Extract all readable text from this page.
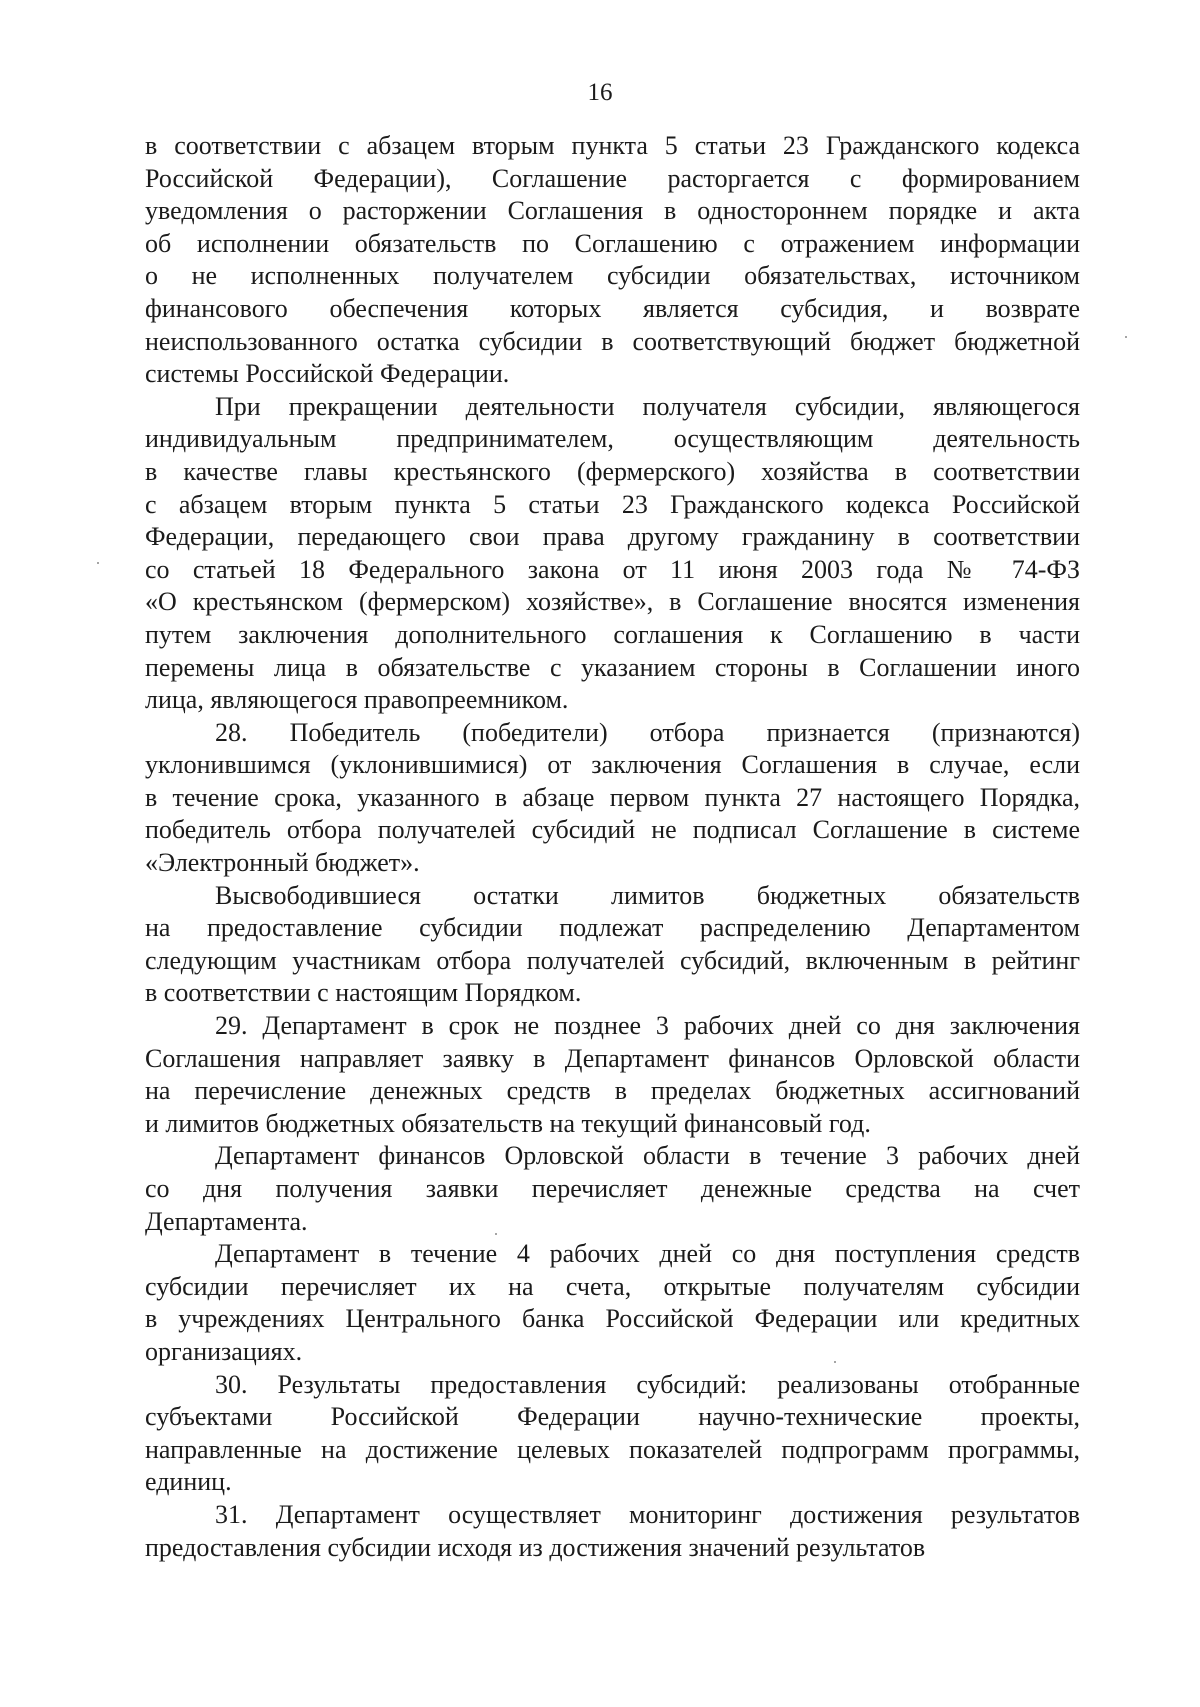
16
в соответствии с абзацем вторым пункта 5 статьи 23 Гражданского кодекса
Российской Федерации), Соглашение расторгается с формированием
уведомления о расторжении Соглашения в одностороннем порядке и акта
об исполнении обязательств по Соглашению с отражением информации
о не исполненных получателем субсидии обязательствах, источником
финансового обеспечения которых является субсидия, и возврате
неиспользованного остатка субсидии в соответствующий бюджет бюджетной
системы Российской Федерации.
При прекращении деятельности получателя субсидии, являющегося
индивидуальным предпринимателем, осуществляющим деятельность
в качестве главы крестьянского (фермерского) хозяйства в соответствии
с абзацем вторым пункта 5 статьи 23 Гражданского кодекса Российской
Федерации, передающего свои права другому гражданину в соответствии
со статьей 18 Федерального закона от 11 июня 2003 года № 74-ФЗ
«О крестьянском (фермерском) хозяйстве», в Соглашение вносятся изменения
путем заключения дополнительного соглашения к Соглашению в части
перемены лица в обязательстве с указанием стороны в Соглашении иного
лица, являющегося правопреемником.
28. Победитель (победители) отбора признается (признаются)
уклонившимся (уклонившимися) от заключения Соглашения в случае, если
в течение срока, указанного в абзаце первом пункта 27 настоящего Порядка,
победитель отбора получателей субсидий не подписал Соглашение в системе
«Электронный бюджет».
Высвободившиеся остатки лимитов бюджетных обязательств
на предоставление субсидии подлежат распределению Департаментом
следующим участникам отбора получателей субсидий, включенным в рейтинг
в соответствии с настоящим Порядком.
29. Департамент в срок не позднее 3 рабочих дней со дня заключения
Соглашения направляет заявку в Департамент финансов Орловской области
на перечисление денежных средств в пределах бюджетных ассигнований
и лимитов бюджетных обязательств на текущий финансовый год.
Департамент финансов Орловской области в течение 3 рабочих дней
со дня получения заявки перечисляет денежные средства на счет
Департамента.
Департамент в течение 4 рабочих дней со дня поступления средств
субсидии перечисляет их на счета, открытые получателям субсидии
в учреждениях Центрального банка Российской Федерации или кредитных
организациях.
30. Результаты предоставления субсидий: реализованы отобранные
субъектами Российской Федерации научно-технические проекты,
направленные на достижение целевых показателей подпрограмм программы,
единиц.
31. Департамент осуществляет мониторинг достижения результатов
предоставления субсидии исходя из достижения значений результатов
